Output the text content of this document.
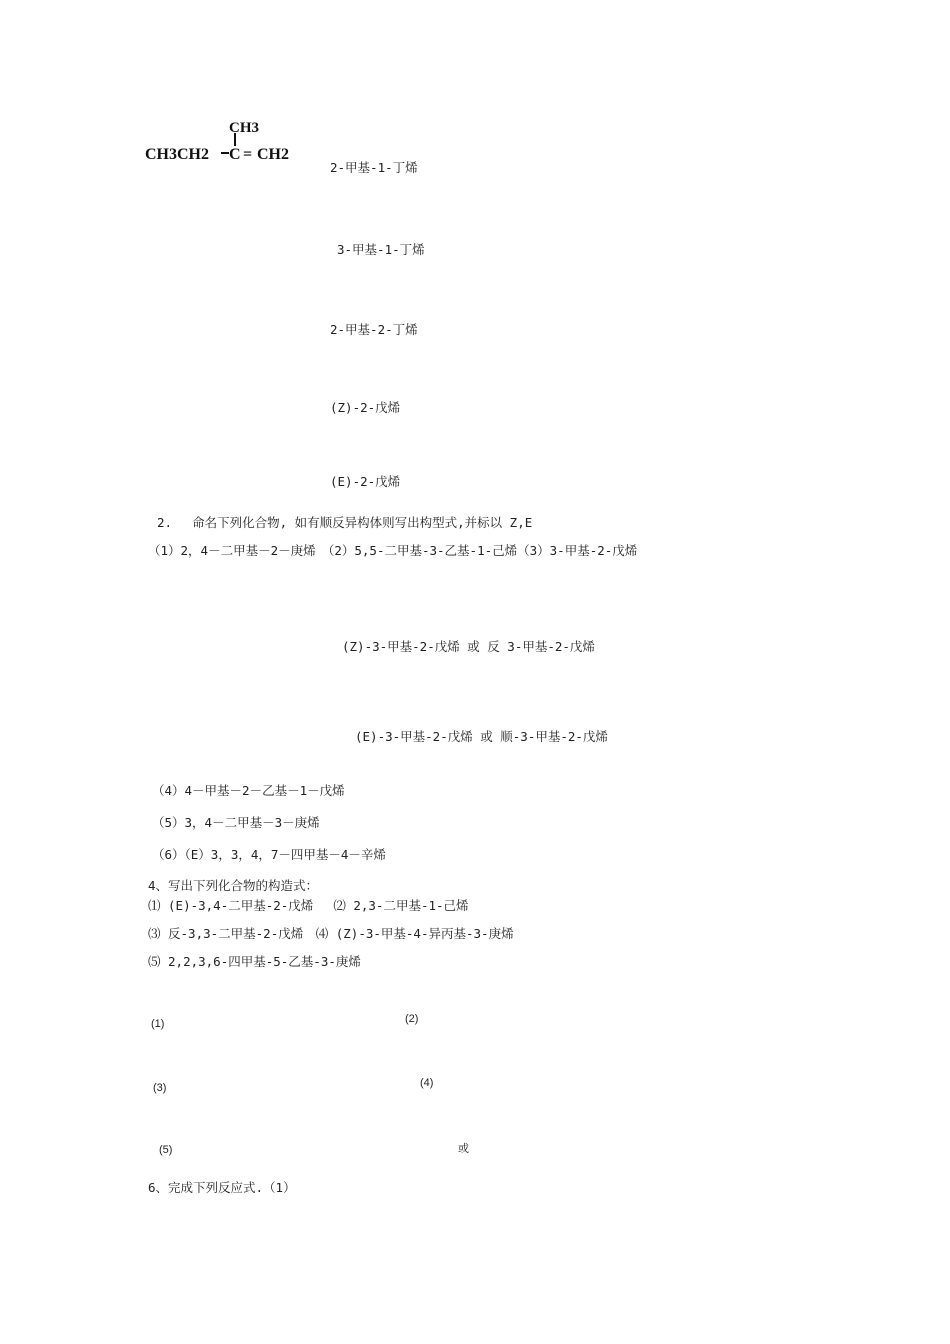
CH3
CH3CH2 C = CH2
2-甲基-1-丁烯
3-甲基-1-丁烯
2-甲基-2-丁烯
(Z)-2-戊烯
(E)-2-戊烯
2.　 命名下列化合物, 如有顺反异构体则写出构型式,并标以 Z,E
（1）2，4－二甲基－2－庚烯　（2）5,5-二甲基-3-乙基-1-己烯（3）3-甲基-2-戊烯
(Z)-3-甲基-2-戊烯 或 反 3-甲基-2-戊烯
(E)-3-甲基-2-戊烯 或 顺-3-甲基-2-戊烯
（4）4－甲基－2－乙基－1－戊烯
（5）3，4－二甲基－3－庚烯
（6）（E）3，3，4，7－四甲基－4－辛烯
4、写出下列化合物的构造式：
⑴ (E)-3,4-二甲基-2-戊烯　 ⑵ 2,3-二甲基-1-己烯
⑶ 反-3,3-二甲基-2-戊烯　⑷ (Z)-3-甲基-4-异丙基-3-庚烯
⑸ 2,2,3,6-四甲基-5-乙基-3-庚烯
(1)	(2)
(3)	(4)
(5)	或
6、完成下列反应式.（1）
